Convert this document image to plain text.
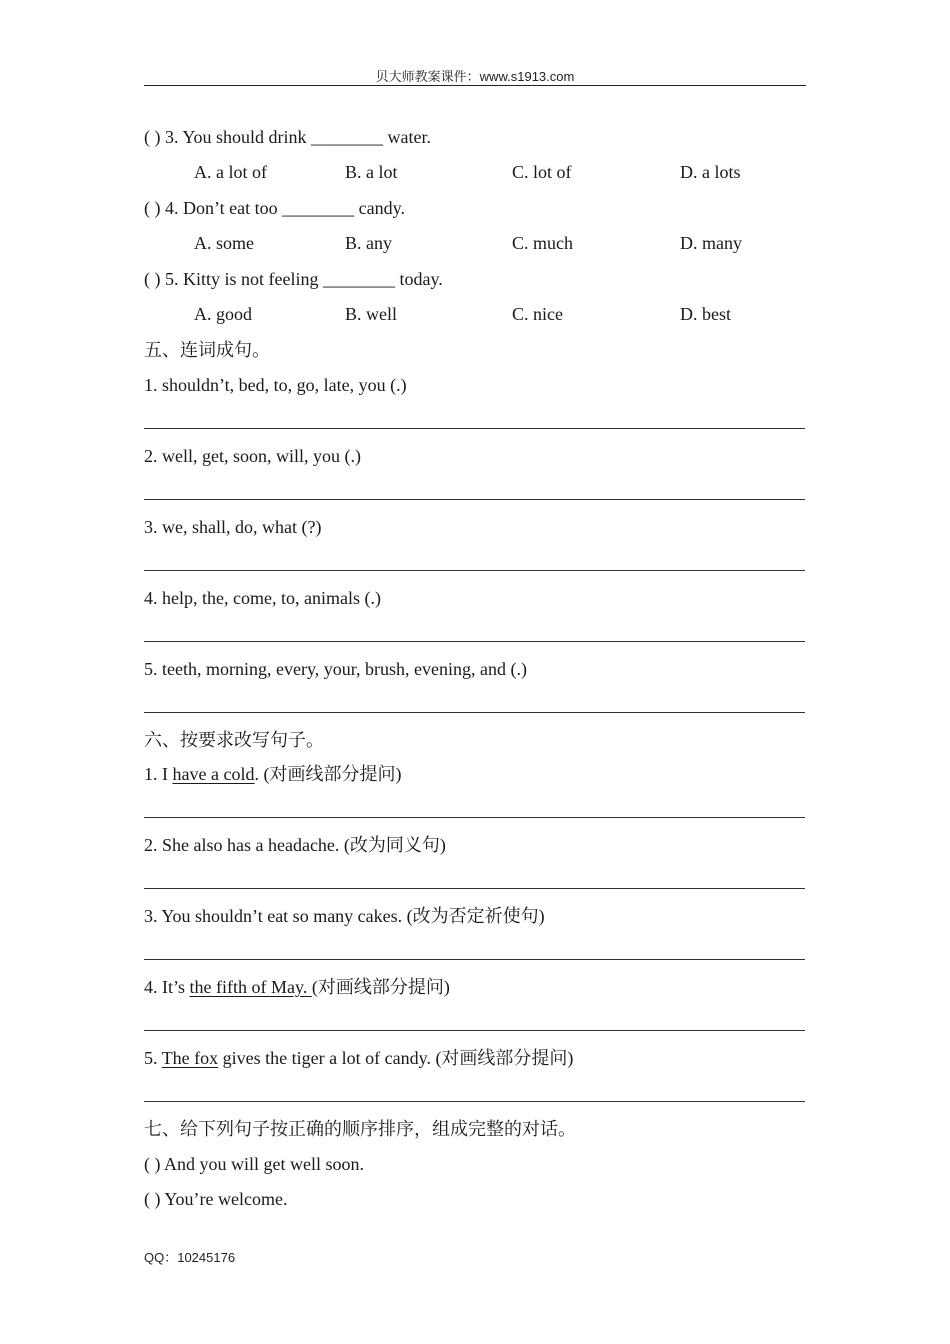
贝大师教案课件：www.s1913.com
( ) 3. You should drink ________ water.
A. a lot of	B. a lot	C. lot of	D. a lots
( ) 4. Don’t eat too ________ candy.
A. some	B. any	C. much	D. many
( ) 5. Kitty is not feeling ________ today.
A. good	B. well	C. nice	D. best
五、连词成句。
1. shouldn’t, bed, to, go, late, you (.)
2. well, get, soon, will, you (.)
3. we, shall, do, what (?)
4. help, the, come, to, animals (.)
5. teeth, morning, every, your, brush, evening, and (.)
六、按要求改写句子。
1. I have a cold. (对画线部分提问)
2. She also has a headache. (改为同义句)
3. You shouldn’t eat so many cakes. (改为否定祈使句)
4. It’s the fifth of May. (对画线部分提问)
5. The fox gives the tiger a lot of candy. (对画线部分提问)
七、给下列句子按正确的顺序排序，组成完整的对话。
( ) And you will get well soon.
( ) You’re welcome.
QQ：10245176
